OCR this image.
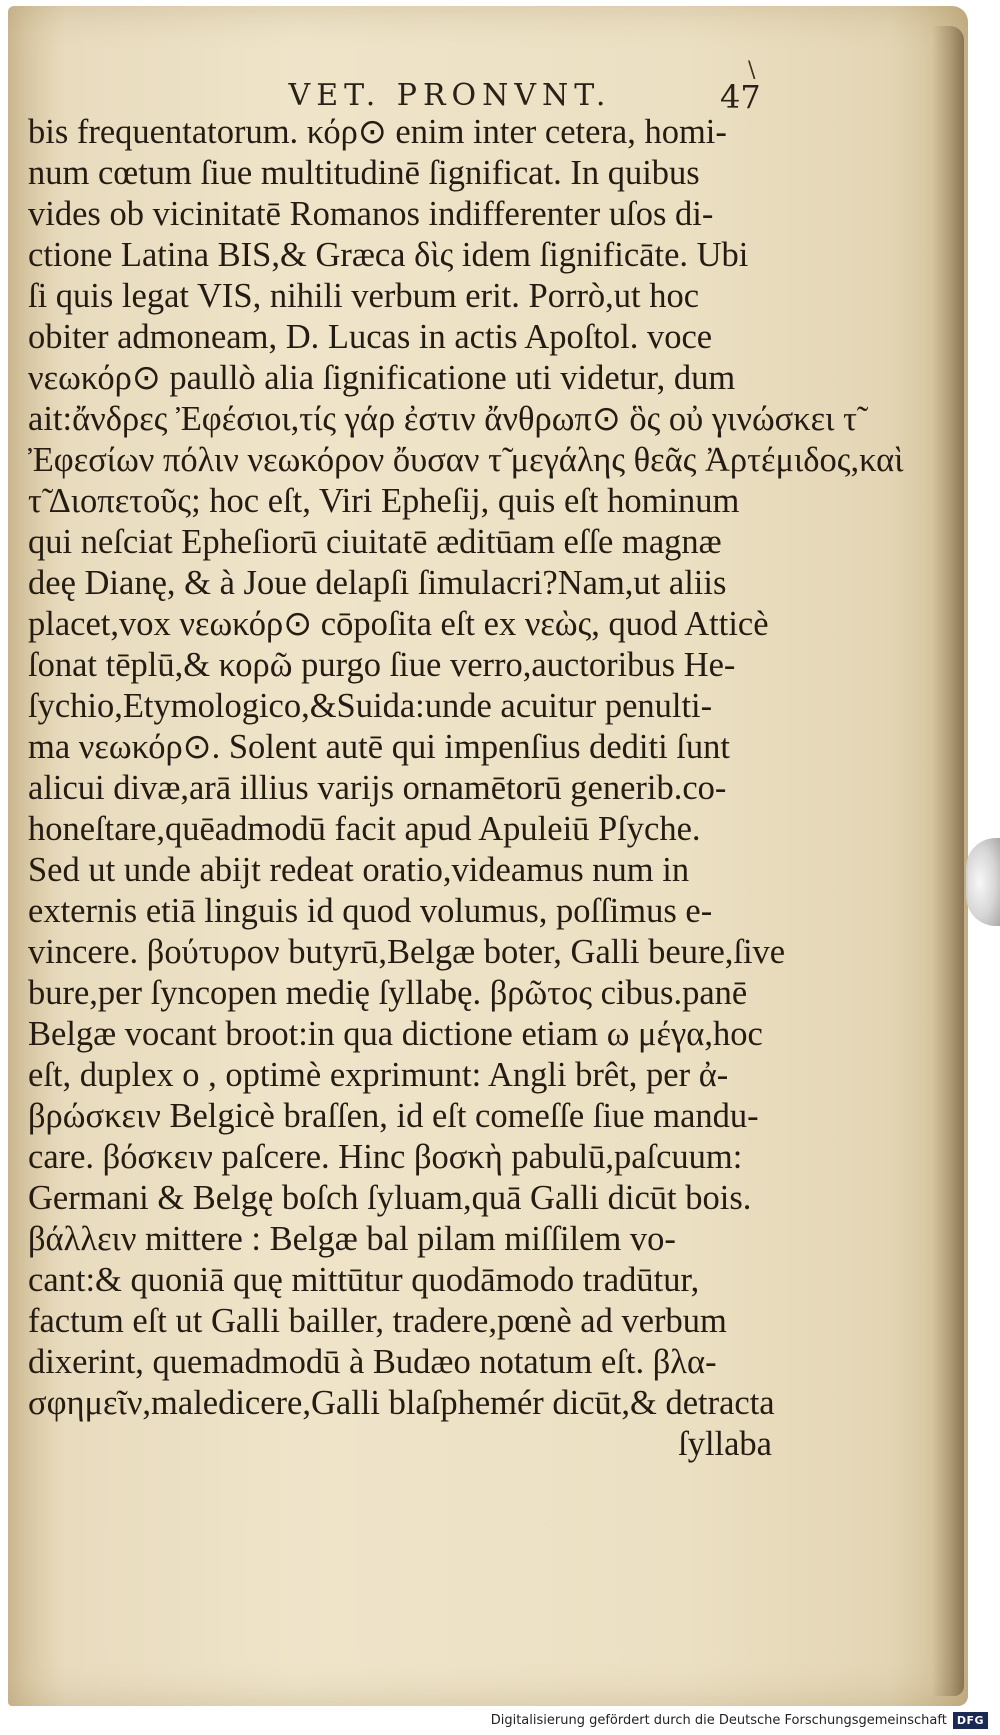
\
VET. PRONVNT.	47
bis frequentatorum. κόρ⊙ enim inter cetera, homi-
num cœtum ſiue multitudinē ſignificat. In quibus
vides ob vicinitatē Romanos indifferenter uſos di-
ctione Latina BIS,& Græca δὶς idem ſignificāte. Ubi
ſi quis legat VIS, nihili verbum erit. Porrò,ut hoc
obiter admoneam, D. Lucas in actis Apoſtol. voce
νεωκόρ⊙ paullò alia ſignificatione uti videtur, dum
ait:ἄνδρες Ἐφέσιοι,τίς γάρ ἐστιν ἄνθρωπ⊙ ὃς οὐ γινώσκει τ̃
Ἐφεσίων πόλιν νεωκόρον ὄυσαν τ̃ μεγάλης θεᾶς Ἀρτέμιδος,καὶ
τ̃ Διοπετοῦς; hoc eſt, Viri Epheſij, quis eſt hominum
qui neſciat Epheſiorū ciuitatē æditūam eſſe magnæ
deę Dianę, & à Joue delapſi ſimulacri?Nam,ut aliis
placet,vox νεωκόρ⊙ cōpoſita eſt ex νεὼς, quod Atticè
ſonat tēplū,& κορῶ purgo ſiue verro,auctoribus He-
ſychio,Etymologico,&Suida:unde acuitur penulti-
ma νεωκόρ⊙. Solent autē qui impenſius dediti ſunt
alicui divæ,arā illius varijs ornamētorū generib.co-
honeſtare,quēadmodū facit apud Apuleiū Pſyche.
Sed ut unde abijt redeat oratio,videamus num in
externis etiā linguis id quod volumus, poſſimus e-
vincere. βούτυρον butyrū,Belgæ boter, Galli beure,ſive
bure,per ſyncopen medię ſyllabę. βρῶτος cibus.panē
Belgæ vocant broot:in qua dictione etiam ω μέγα,hoc
eſt, duplex o , optimè exprimunt: Angli brêt, per ἀ-
βρώσκειν Belgicè braſſen, id eſt comeſſe ſiue mandu-
care. βόσκειν paſcere. Hinc βοσκὴ pabulū,paſcuum:
Germani & Belgę boſch ſyluam,quā Galli dicūt bois.
βάλλειν mittere : Belgæ bal pilam miſſilem vo-
cant:& quoniā quę mittūtur quodāmodo tradūtur,
factum eſt ut Galli bailler, tradere,pœnè ad verbum
dixerint, quemadmodū à Budæo notatum eſt. βλα-
σφημεῖν,maledicere,Galli blaſphemér dicūt,& detracta
ſyllaba
Digitalisierung gefördert durch die Deutsche Forschungsgemeinschaft DFG
